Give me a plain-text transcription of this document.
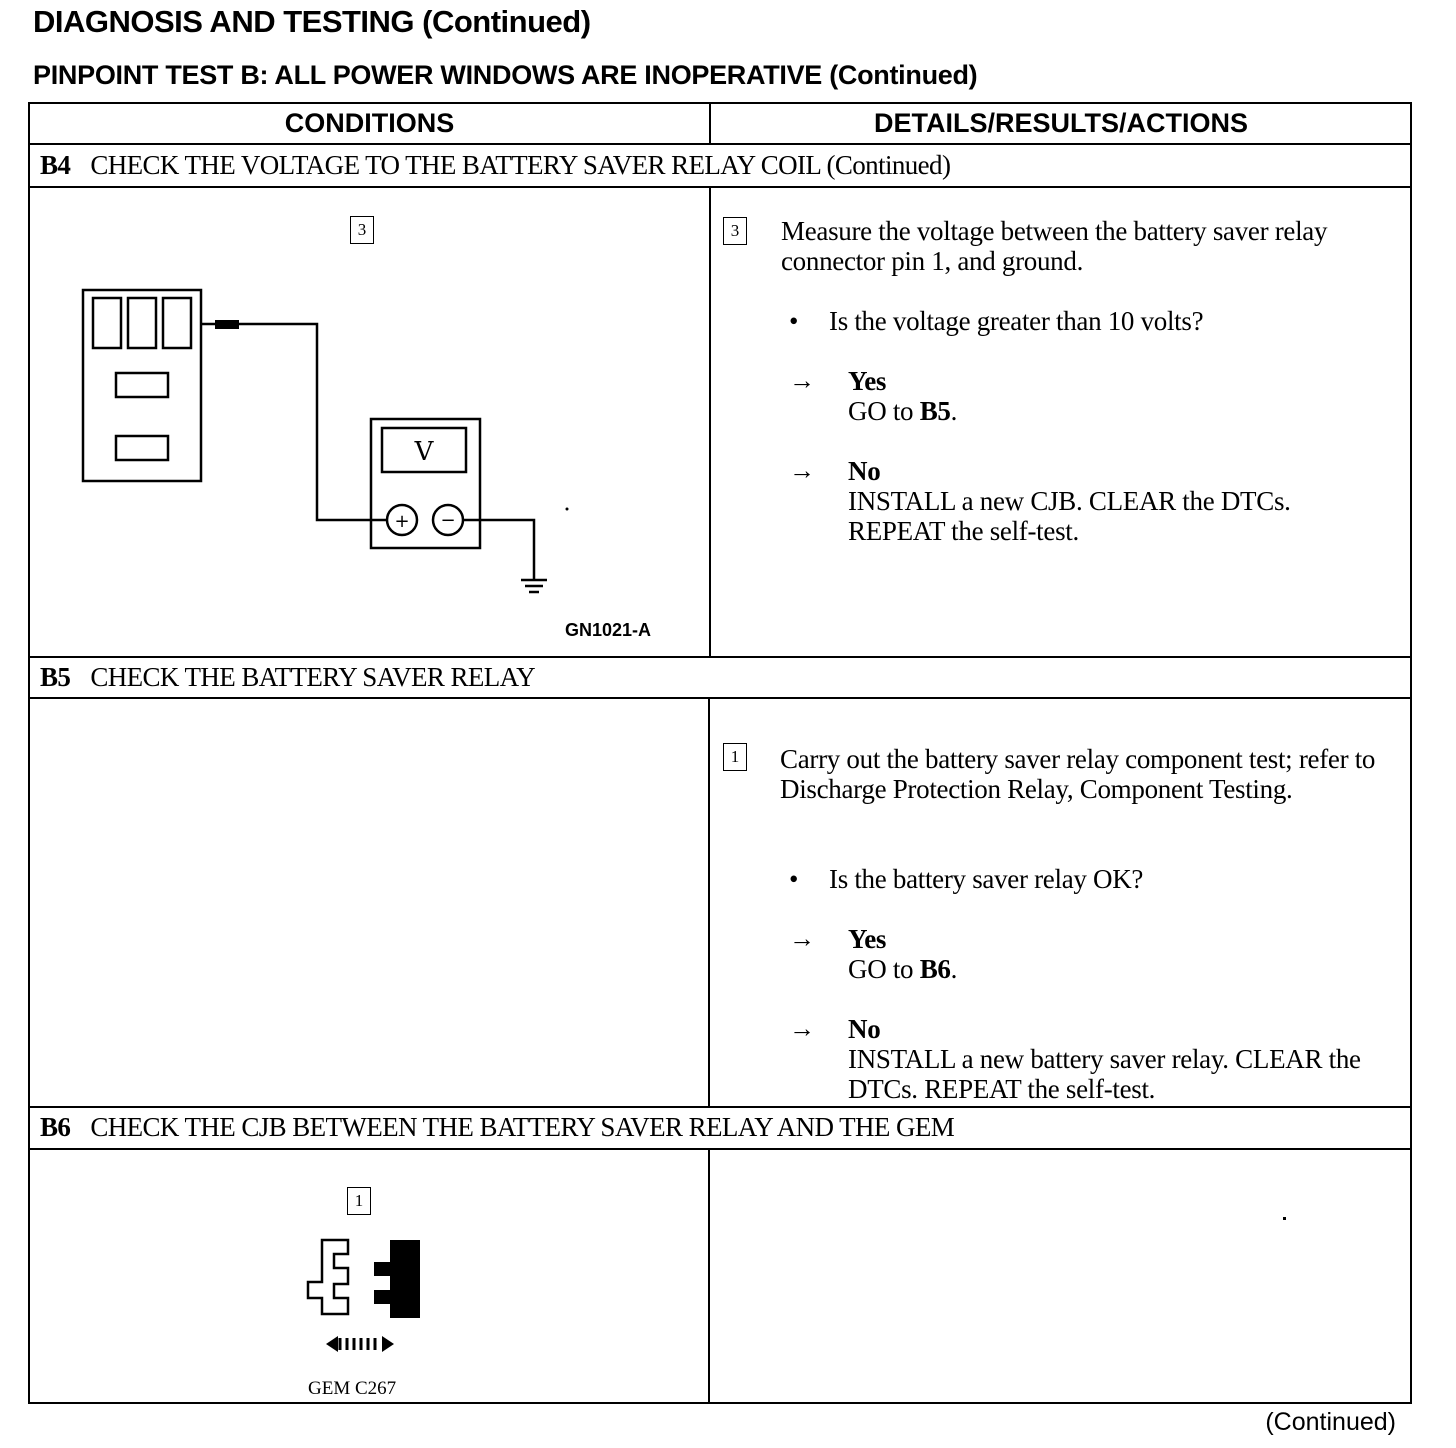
DIAGNOSIS AND TESTING (Continued)
PINPOINT TEST B: ALL POWER WINDOWS ARE INOPERATIVE (Continued)
CONDITIONS	DETAILS/RESULTS/ACTIONS
B4 CHECK THE VOLTAGE TO THE BATTERY SAVER RELAY COIL (Continued)
3
V
+ −
GN1021-A
3 Measure the voltage between the battery saver relay connector pin 1, and ground.
• Is the voltage greater than 10 volts?
→ Yes
GO to B5.
→ No
INSTALL a new CJB. CLEAR the DTCs. REPEAT the self-test.
B5 CHECK THE BATTERY SAVER RELAY
1 Carry out the battery saver relay component test; refer to Discharge Protection Relay, Component Testing.
• Is the battery saver relay OK?
→ Yes
GO to B6.
→ No
INSTALL a new battery saver relay. CLEAR the DTCs. REPEAT the self-test.
B6 CHECK THE CJB BETWEEN THE BATTERY SAVER RELAY AND THE GEM
1
GEM C267
(Continued)
